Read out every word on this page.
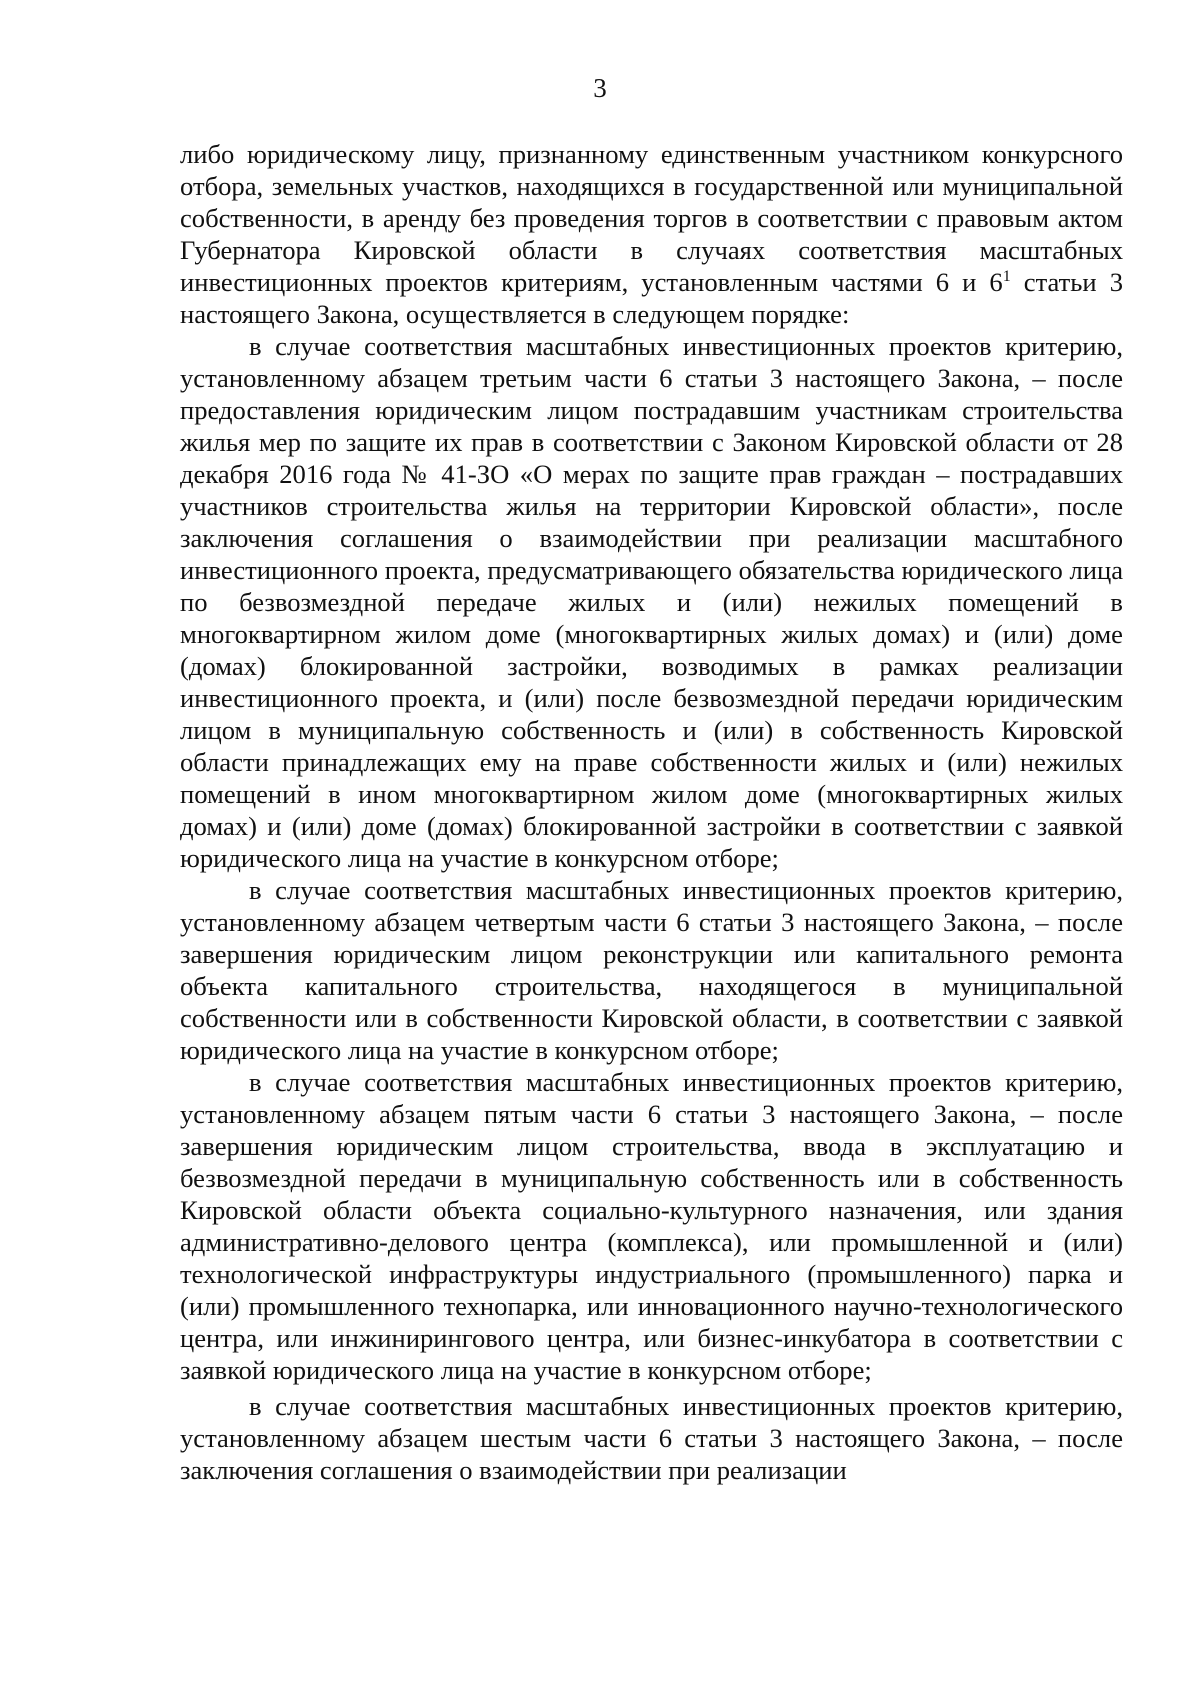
3

либо юридическому лицу, признанному единственным участником конкурсного отбора, земельных участков, находящихся в государственной или муниципальной собственности, в аренду без проведения торгов в соответствии с правовым актом Губернатора Кировской области в случаях соответствия масштабных инвестиционных проектов критериям, установленным частями 6 и $6^1$ статьи 3 настоящего Закона, осуществляется в следующем порядке:

в случае соответствия масштабных инвестиционных проектов критерию, установленному абзацем третьим части 6 статьи 3 настоящего Закона, – после предоставления юридическим лицом пострадавшим участникам строительства жилья мер по защите их прав в соответствии с Законом Кировской области от 28 декабря 2016 года № 41-ЗО «О мерах по защите прав граждан – пострадавших участников строительства жилья на территории Кировской области», после заключения соглашения о взаимодействии при реализации масштабного инвестиционного проекта, предусматривающего обязательства юридического лица по безвозмездной передаче жилых и (или) нежилых помещений в многоквартирном жилом доме (многоквартирных жилых домах) и (или) доме (домах) блокированной застройки, возводимых в рамках реализации инвестиционного проекта, и (или) после безвозмездной передачи юридическим лицом в муниципальную собственность и (или) в собственность Кировской области принадлежащих ему на праве собственности жилых и (или) нежилых помещений в ином многоквартирном жилом доме (многоквартирных жилых домах) и (или) доме (домах) блокированной застройки в соответствии с заявкой юридического лица на участие в конкурсном отборе;

в случае соответствия масштабных инвестиционных проектов критерию, установленному абзацем четвертым части 6 статьи 3 настоящего Закона, – после завершения юридическим лицом реконструкции или капитального ремонта объекта капитального строительства, находящегося в муниципальной собственности или в собственности Кировской области, в соответствии с заявкой юридического лица на участие в конкурсном отборе;

в случае соответствия масштабных инвестиционных проектов критерию, установленному абзацем пятым части 6 статьи 3 настоящего Закона, – после завершения юридическим лицом строительства, ввода в эксплуатацию и безвозмездной передачи в муниципальную собственность или в собственность Кировской области объекта социально-культурного назначения, или здания административно-делового центра (комплекса), или промышленной и (или) технологической инфраструктуры индустриального (промышленного) парка и (или) промышленного технопарка, или инновационного научно-технологического центра, или инжинирингового центра, или бизнес-инкубатора в соответствии с заявкой юридического лица на участие в конкурсном отборе;

в случае соответствия масштабных инвестиционных проектов критерию, установленному абзацем шестым части 6 статьи 3 настоящего Закона, – после заключения соглашения о взаимодействии при реализации
